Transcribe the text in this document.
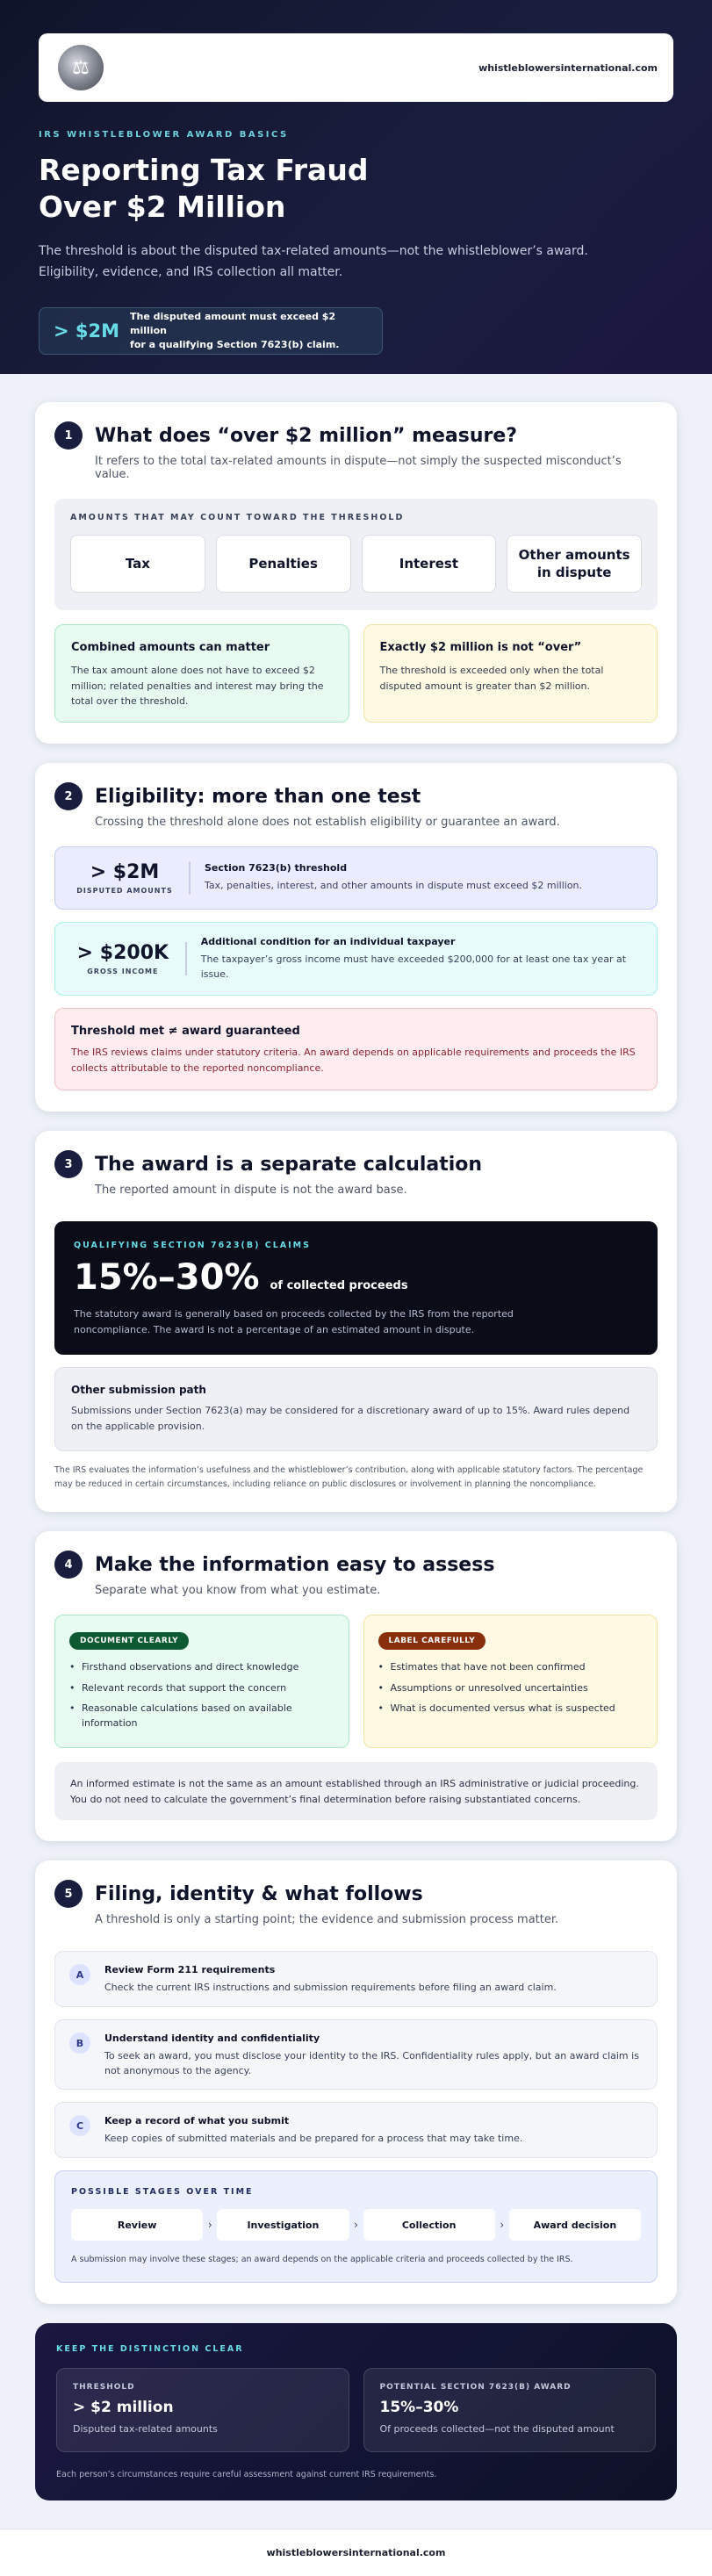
⚖	whistleblowersinternational.com
IRS WHISTLEBLOWER AWARD BASICS
Reporting Tax Fraud
Over $2 Million

The threshold is about the disputed tax-related amounts—not the whistleblower’s award. Eligibility, evidence, and IRS collection all matter.

> $2M
The disputed amount must exceed $2 million
for a qualifying Section 7623(b) claim.
1	What does “over $2 million” measure?

It refers to the total tax-related amounts in dispute—not simply the suspected misconduct’s value.

AMOUNTS THAT MAY COUNT TOWARD THE THRESHOLD
Tax	Penalties	Interest
Other amounts in dispute
Combined amounts can matter

The tax amount alone does not have to exceed $2 million; related penalties and interest may bring the total over the threshold.

Exactly $2 million is not “over”

The threshold is exceeded only when the total disputed amount is greater than $2 million.

2	Eligibility: more than one test

Crossing the threshold alone does not establish eligibility or guarantee an award.

> $2M
DISPUTED AMOUNTS
Section 7623(b) threshold

Tax, penalties, interest, and other amounts in dispute must exceed $2 million.

> $200K
GROSS INCOME
Additional condition for an individual taxpayer

The taxpayer’s gross income must have exceeded $200,000 for at least one tax year at issue.

Threshold met ≠ award guaranteed

The IRS reviews claims under statutory criteria. An award depends on applicable requirements and proceeds the IRS collects attributable to the reported noncompliance.

3	The award is a separate calculation

The reported amount in dispute is not the award base.

QUALIFYING SECTION 7623(B) CLAIMS
15%–30% of collected proceeds

The statutory award is generally based on proceeds collected by the IRS from the reported noncompliance. The award is not a percentage of an estimated amount in dispute.

Other submission path

Submissions under Section 7623(a) may be considered for a discretionary award of up to 15%. Award rules depend on the applicable provision.

The IRS evaluates the information’s usefulness and the whistleblower’s contribution, along with applicable statutory factors. The percentage may be reduced in certain circumstances, including reliance on public disclosures or involvement in planning the noncompliance.

4	Make the information easy to assess

Separate what you know from what you estimate.

DOCUMENT CLEARLY
• Firsthand observations and direct knowledge
• Relevant records that support the concern
• Reasonable calculations based on available information
LABEL CAREFULLY
• Estimates that have not been confirmed
• Assumptions or unresolved uncertainties
• What is documented versus what is suspected
An informed estimate is not the same as an amount established through an IRS administrative or judicial proceeding. You do not need to calculate the government’s final determination before raising substantiated concerns.
5	Filing, identity & what follows

A threshold is only a starting point; the evidence and submission process matter.

A	Review Form 211 requirements

Check the current IRS instructions and submission requirements before filing an award claim.

B	Understand identity and confidentiality

To seek an award, you must disclose your identity to the IRS. Confidentiality rules apply, but an award claim is not anonymous to the agency.

C	Keep a record of what you submit

Keep copies of submitted materials and be prepared for a process that may take time.

POSSIBLE STAGES OVER TIME
Review	›	Investigation	›	Collection	›	Award decision

A submission may involve these stages; an award depends on the applicable criteria and proceeds collected by the IRS.

KEEP THE DISTINCTION CLEAR
THRESHOLD
> $2 million
Disputed tax-related amounts
POTENTIAL SECTION 7623(B) AWARD
15%–30%
Of proceeds collected—not the disputed amount

Each person’s circumstances require careful assessment against current IRS requirements.

whistleblowersinternational.com
